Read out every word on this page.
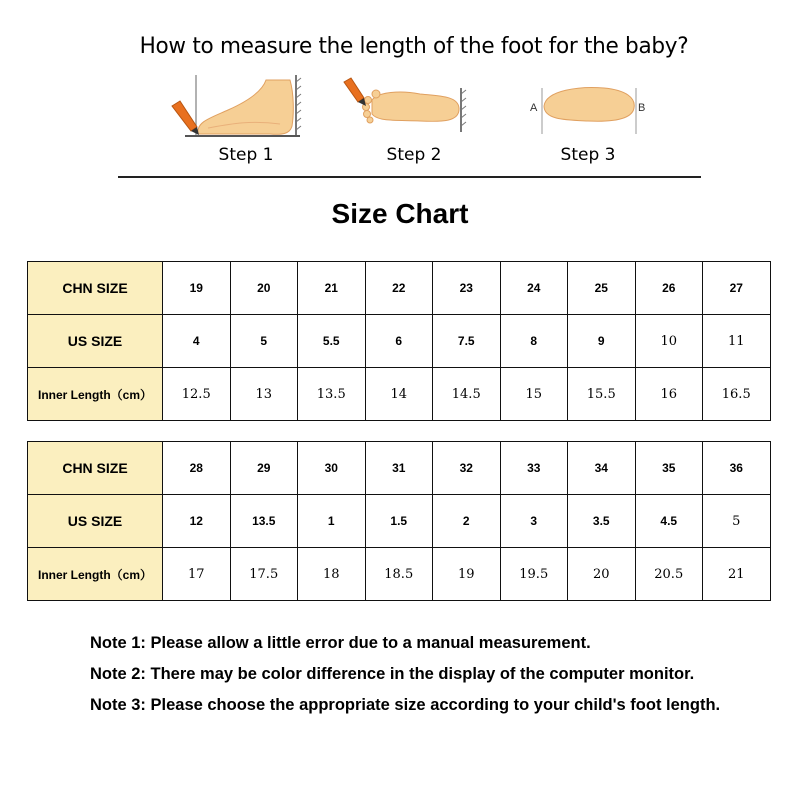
How to measure the length of the foot for the baby?
A	B
Step 1	Step 2	Step 3
Size Chart
CHN SIZE	19	20	21	22	23	24	25	26	27
US SIZE	4	5	5.5	6	7.5	8	9	10	11
Inner Length（cm）	12.5	13	13.5	14	14.5	15	15.5	16	16.5
CHN SIZE	28	29	30	31	32	33	34	35	36
US SIZE	12	13.5	1	1.5	2	3	3.5	4.5	5
Inner Length（cm）	17	17.5	18	18.5	19	19.5	20	20.5	21
Note 1: Please allow a little error due to a manual measurement.
Note 2: There may be color difference in the display of the computer monitor.
Note 3: Please choose the appropriate size according to your child's foot length.
